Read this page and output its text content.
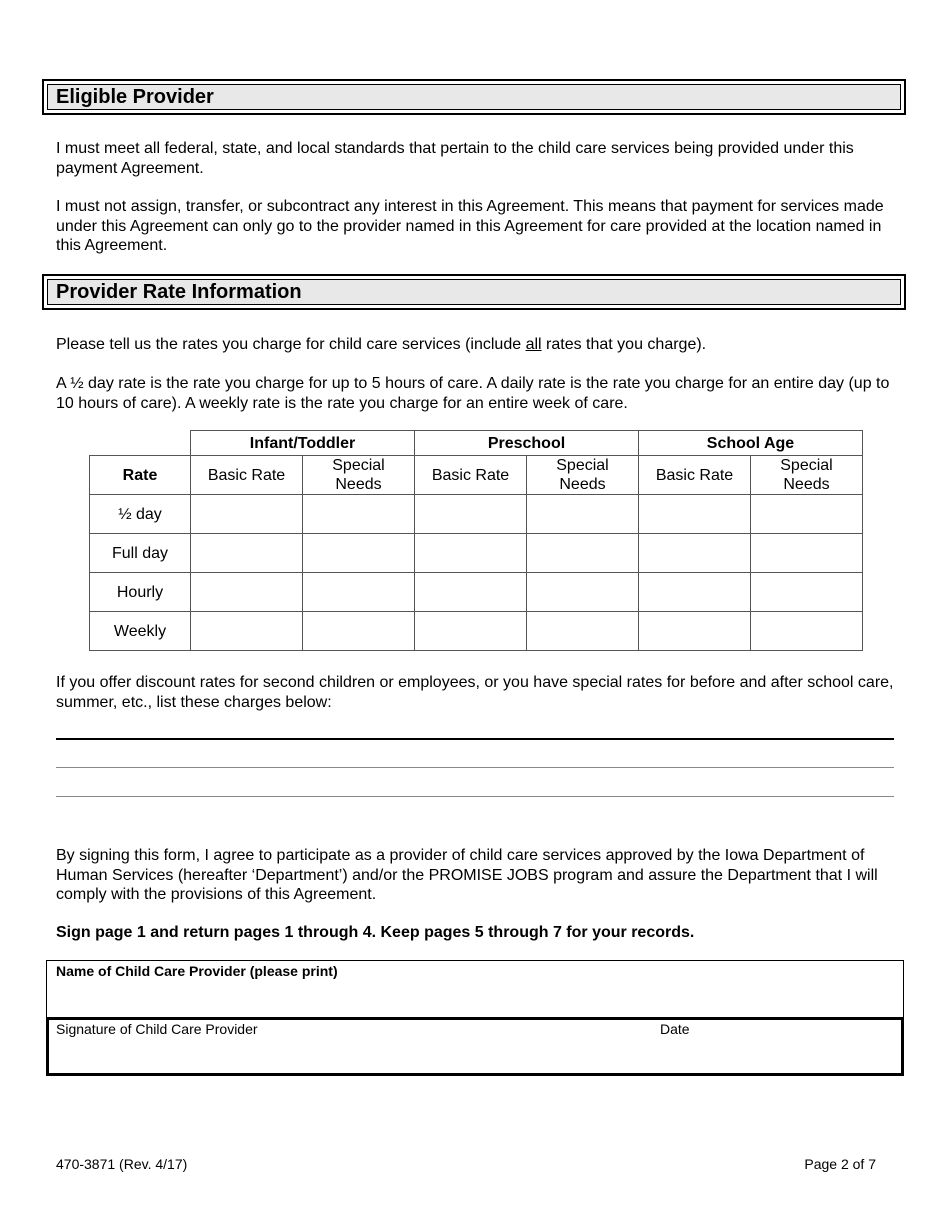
Eligible Provider

I must meet all federal, state, and local standards that pertain to the child care services being provided under this payment Agreement.

I must not assign, transfer, or subcontract any interest in this Agreement. This means that payment for services made under this Agreement can only go to the provider named in this Agreement for care provided at the location named in this Agreement.

Provider Rate Information

Please tell us the rates you charge for child care services (include all rates that you charge).

A ½ day rate is the rate you charge for up to 5 hours of care. A daily rate is the rate you charge for an entire day (up to 10 hours of care). A weekly rate is the rate you charge for an entire week of care.

	Infant/Toddler		Preschool		School Age	
Rate	Basic Rate	Special Needs	Basic Rate	Special Needs	Basic Rate	Special Needs
½ day						
Full day						
Hourly						
Weekly						

If you offer discount rates for second children or employees, or you have special rates for before and after school care, summer, etc., list these charges below:

By signing this form, I agree to participate as a provider of child care services approved by the Iowa Department of Human Services (hereafter ‘Department’) and/or the PROMISE JOBS program and assure the Department that I will comply with the provisions of this Agreement.

Sign page 1 and return pages 1 through 4. Keep pages 5 through 7 for your records.

Name of Child Care Provider (please print)
Signature of Child Care Provider	Date
470-3871 (Rev. 4/17)	Page 2 of 7
